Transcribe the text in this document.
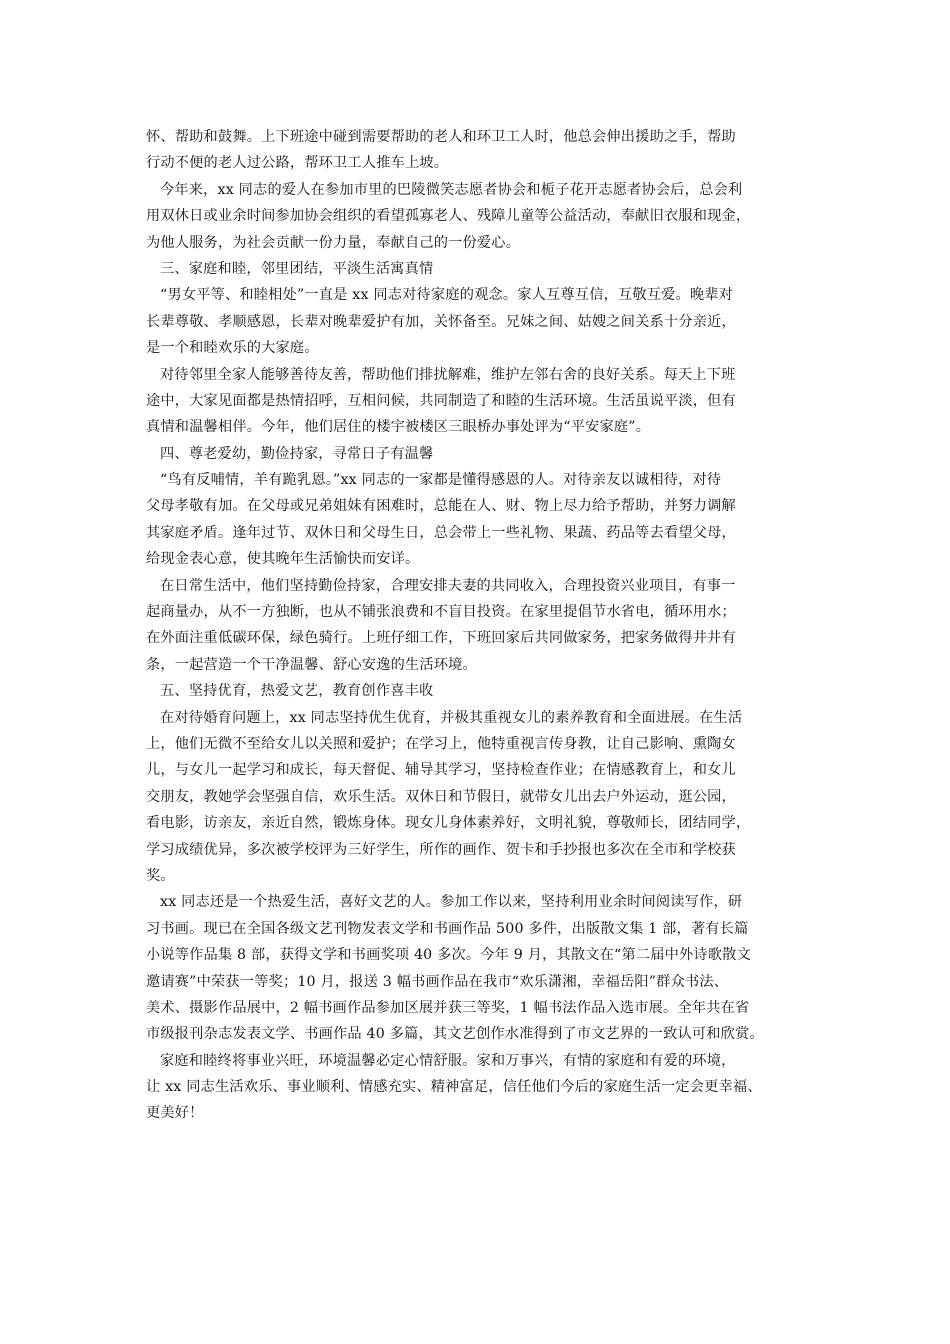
怀、帮助和鼓舞。上下班途中碰到需要帮助的老人和环卫工人时，他总会伸出援助之手，帮助
行动不便的老人过公路，帮环卫工人推车上坡。
今年来，xx 同志的爱人在参加市里的巴陵微笑志愿者协会和栀子花开志愿者协会后，总会利
用双休日或业余时间参加协会组织的看望孤寡老人、残障儿童等公益活动，奉献旧衣服和现金，
为他人服务，为社会贡献一份力量，奉献自己的一份爱心。
三、家庭和睦，邻里团结，平淡生活寓真情
“男女平等、和睦相处”一直是 xx 同志对待家庭的观念。家人互尊互信，互敬互爱。晚辈对
长辈尊敬、孝顺感恩，长辈对晚辈爱护有加，关怀备至。兄妹之间、姑嫂之间关系十分亲近，
是一个和睦欢乐的大家庭。
对待邻里全家人能够善待友善，帮助他们排扰解难，维护左邻右舍的良好关系。每天上下班
途中，大家见面都是热情招呼，互相问候，共同制造了和睦的生活环境。生活虽说平淡，但有
真情和温馨相伴。今年，他们居住的楼宇被楼区三眼桥办事处评为“平安家庭”。
四、尊老爱幼，勤俭持家，寻常日子有温馨
“鸟有反哺情，羊有跪乳恩。”xx 同志的一家都是懂得感恩的人。对待亲友以诚相待，对待
父母孝敬有加。在父母或兄弟姐妹有困难时，总能在人、财、物上尽力给予帮助，并努力调解
其家庭矛盾。逢年过节、双休日和父母生日，总会带上一些礼物、果蔬、药品等去看望父母，
给现金表心意，使其晚年生活愉快而安详。
在日常生活中，他们坚持勤俭持家，合理安排夫妻的共同收入，合理投资兴业项目，有事一
起商量办，从不一方独断，也从不铺张浪费和不盲目投资。在家里提倡节水省电，循环用水；
在外面注重低碳环保，绿色骑行。上班仔细工作，下班回家后共同做家务，把家务做得井井有
条，一起营造一个干净温馨、舒心安逸的生活环境。
五、坚持优育，热爱文艺，教育创作喜丰收
在对待婚育问题上，xx 同志坚持优生优育，并极其重视女儿的素养教育和全面进展。在生活
上，他们无微不至给女儿以关照和爱护；在学习上，他特重视言传身教，让自己影响、熏陶女
儿，与女儿一起学习和成长，每天督促、辅导其学习，坚持检查作业；在情感教育上，和女儿
交朋友，教她学会坚强自信，欢乐生活。双休日和节假日，就带女儿出去户外运动，逛公园，
看电影，访亲友，亲近自然，锻炼身体。现女儿身体素养好，文明礼貌，尊敬师长，团结同学，
学习成绩优异，多次被学校评为三好学生，所作的画作、贺卡和手抄报也多次在全市和学校获
奖。
xx 同志还是一个热爱生活，喜好文艺的人。参加工作以来，坚持利用业余时间阅读写作，研
习书画。现已在全国各级文艺刊物发表文学和书画作品 500 多件，出版散文集 1 部，著有长篇
小说等作品集 8 部，获得文学和书画奖项 40 多次。今年 9 月，其散文在“第二届中外诗歌散文
邀请赛”中荣获一等奖；10 月，报送 3 幅书画作品在我市“欢乐潇湘，幸福岳阳”群众书法、
美术、摄影作品展中，2 幅书画作品参加区展并获三等奖，1 幅书法作品入选市展。全年共在省
市级报刊杂志发表文学、书画作品 40 多篇，其文艺创作水准得到了市文艺界的一致认可和欣赏。
家庭和睦终将事业兴旺，环境温馨必定心情舒服。家和万事兴，有情的家庭和有爱的环境，
让 xx 同志生活欢乐、事业顺利、情感充实、精神富足，信任他们今后的家庭生活一定会更幸福、
更美好！
